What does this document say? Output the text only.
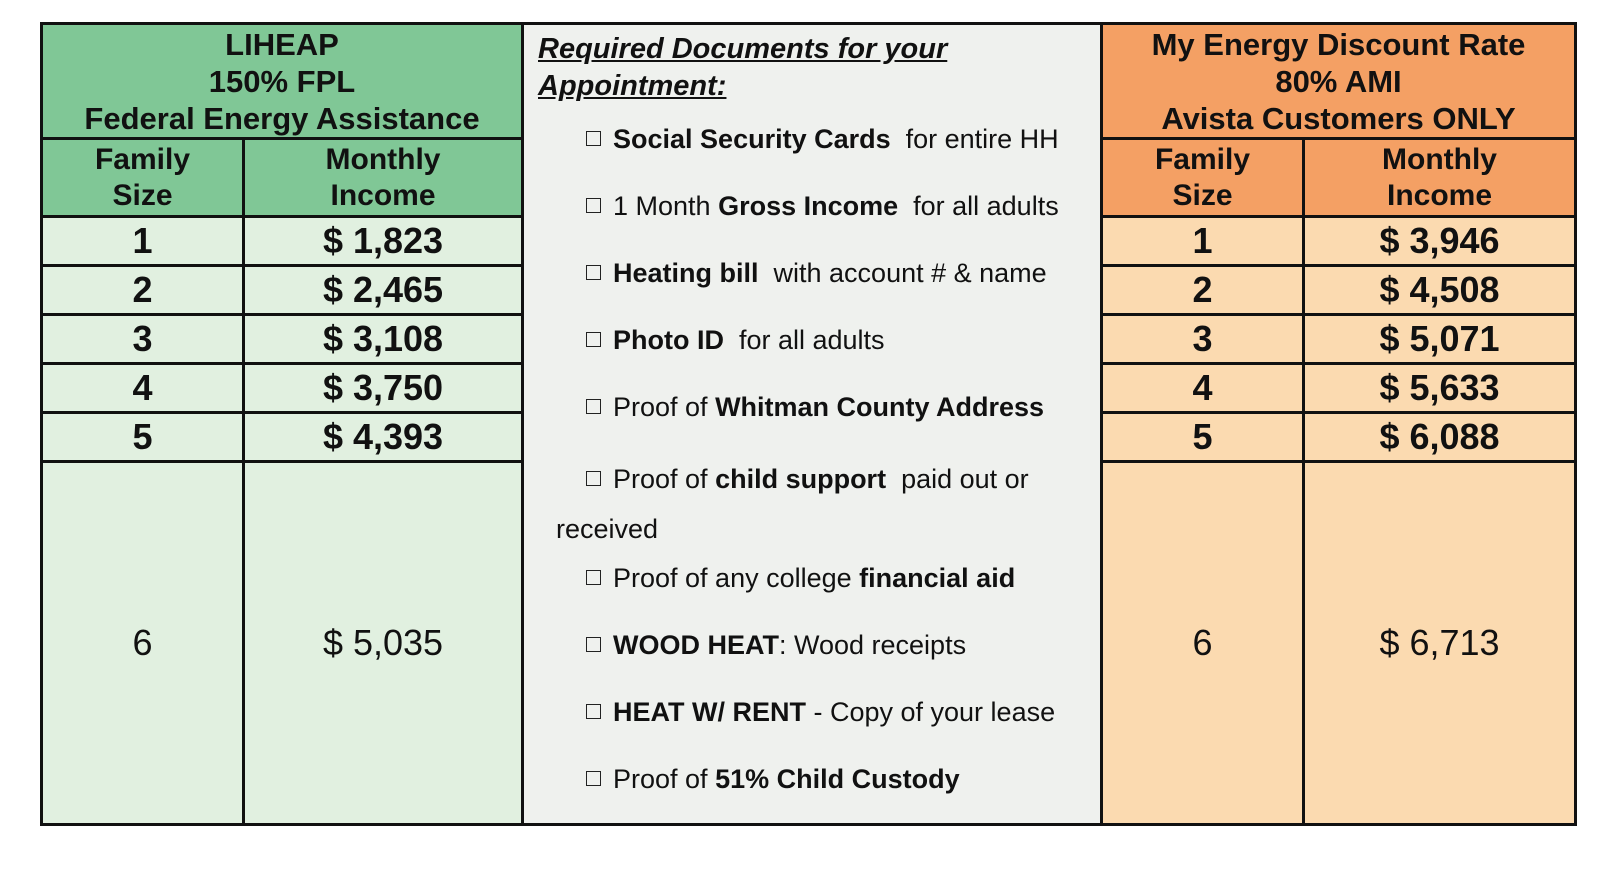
LIHEAP
150% FPL
Federal Energy Assistance
Family
Size
Monthly
Income
1	$ 1,823
2	$ 2,465
3	$ 3,108
4	$ 3,750
5	$ 4,393
6	$ 5,035
Required Documents for your
Appointment:
Social Security Cards  for entire HH
1 Month Gross Income  for all adults
Heating bill  with account # & name
Photo ID  for all adults
Proof of Whitman County Address
Proof of child support  paid out or
received
Proof of any college financial aid
WOOD HEAT: Wood receipts
HEAT W/ RENT - Copy of your lease
Proof of 51% Child Custody
My Energy Discount Rate
80% AMI
Avista Customers ONLY
Family
Size
Monthly
Income
1	$ 3,946
2	$ 4,508
3	$ 5,071
4	$ 5,633
5	$ 6,088
6	$ 6,713
